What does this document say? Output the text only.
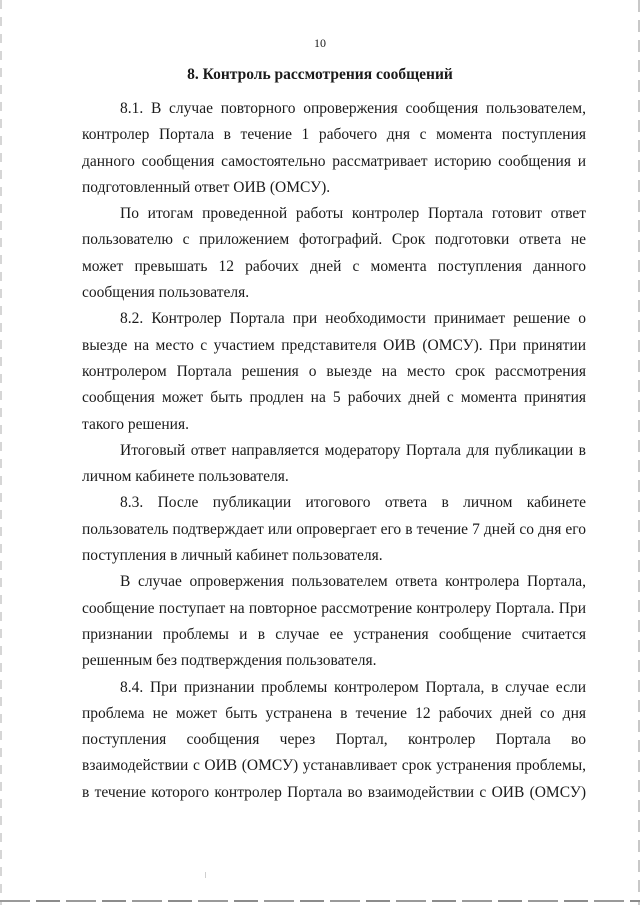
10
8. Контроль рассмотрения сообщений

8.1. В случае повторного опровержения сообщения пользователем, контролер Портала в течение 1 рабочего дня с момента поступления данного сообщения самостоятельно рассматривает историю сообщения и подготовленный ответ ОИВ (ОМСУ).

По итогам проведенной работы контролер Портала готовит ответ пользователю с приложением фотографий. Срок подготовки ответа не может превышать 12 рабочих дней с момента поступления данного сообщения пользователя.

8.2. Контролер Портала при необходимости принимает решение о выезде на место с участием представителя ОИВ (ОМСУ). При принятии контролером Портала решения о выезде на место срок рассмотрения сообщения может быть продлен на 5 рабочих дней с момента принятия такого решения.

Итоговый ответ направляется модератору Портала для публикации в личном кабинете пользователя.

8.3. После публикации итогового ответа в личном кабинете пользователь подтверждает или опровергает его в течение 7 дней со дня его поступления в личный кабинет пользователя.

В случае опровержения пользователем ответа контролера Портала, сообщение поступает на повторное рассмотрение контролеру Портала. При признании проблемы и в случае ее устранения сообщение считается решенным без подтверждения пользователя.

8.4. При признании проблемы контролером Портала, в случае если проблема не может быть устранена в течение 12 рабочих дней со дня поступления сообщения через Портал, контролер Портала во взаимодействии с ОИВ (ОМСУ) устанавливает срок устранения проблемы, в течение которого контролер Портала во взаимодействии с ОИВ (ОМСУ)
